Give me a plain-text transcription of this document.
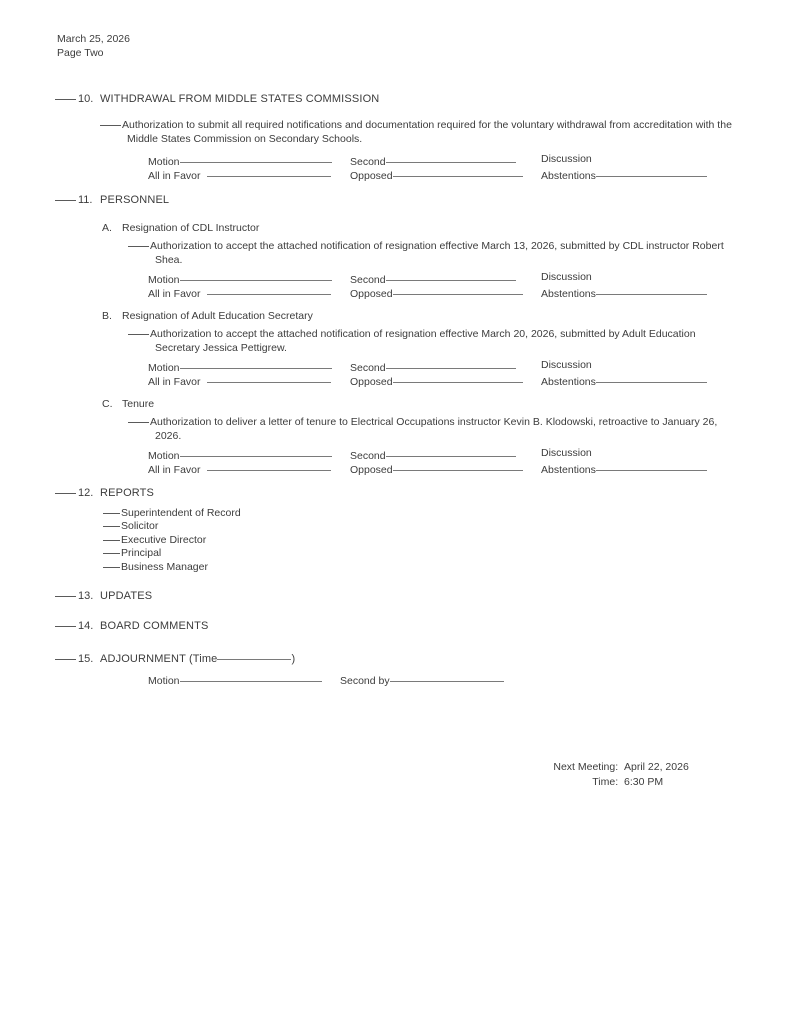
March 25, 2026
Page Two
10. WITHDRAWAL FROM MIDDLE STATES COMMISSION
Authorization to submit all required notifications and documentation required for the voluntary withdrawal from accreditation with the Middle States Commission on Secondary Schools.
Motion	Second	Discussion
All in Favor	Opposed	Abstentions
11. PERSONNEL
A. Resignation of CDL Instructor
Authorization to accept the attached notification of resignation effective March 13, 2026, submitted by CDL instructor Robert Shea.
Motion	Second	Discussion
All in Favor	Opposed	Abstentions
B. Resignation of Adult Education Secretary
Authorization to accept the attached notification of resignation effective March 20, 2026, submitted by Adult Education Secretary Jessica Pettigrew.
Motion	Second	Discussion
All in Favor	Opposed	Abstentions
C. Tenure
Authorization to deliver a letter of tenure to Electrical Occupations instructor Kevin B. Klodowski, retroactive to January 26, 2026.
Motion	Second	Discussion
All in Favor	Opposed	Abstentions
12. REPORTS
Superintendent of Record
Solicitor
Executive Director
Principal
Business Manager
13. UPDATES
14. BOARD COMMENTS
15. ADJOURNMENT (Time	)
Motion	Second by
Next Meeting: April 22, 2026
Time: 6:30 PM
